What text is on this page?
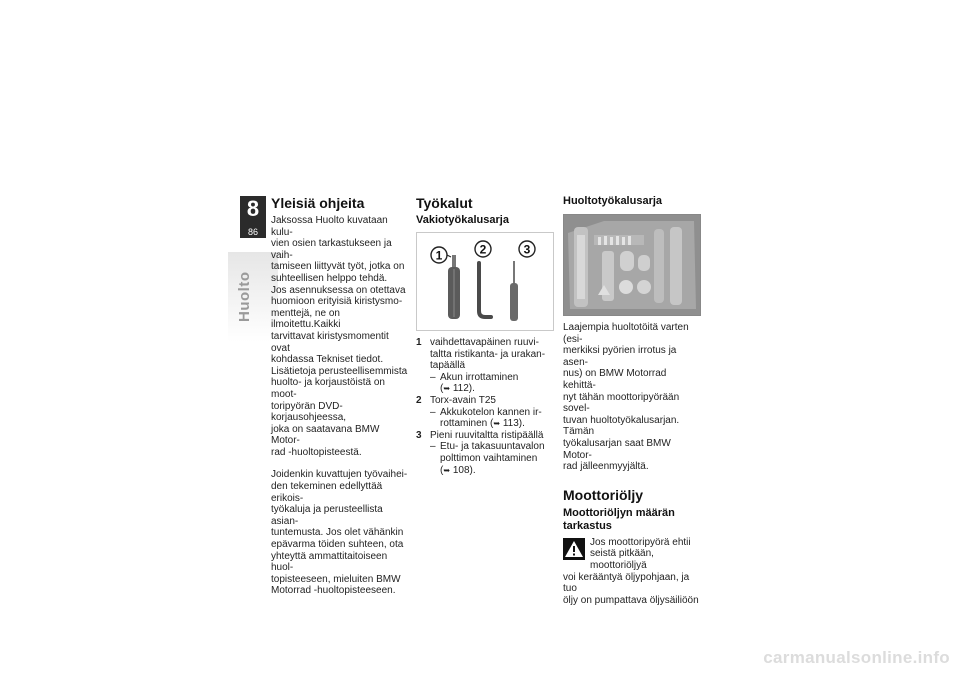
8
86
Huolto
Yleisiä ohjeita

Jaksossa Huolto kuvataan kulu-
vien osien tarkastukseen ja vaih-
tamiseen liittyvät työt, jotka on
suhteellisen helppo tehdä.
Jos asennuksessa on otettava
huomioon erityisiä kiristysmo-
menttejä, ne on ilmoitettu.Kaikki
tarvittavat kiristysmomentit ovat
kohdassa Tekniset tiedot.
Lisätietoja perusteellisemmista
huolto- ja korjaustöistä on moot-
toripyörän DVD-korjausohjeessa,
joka on saatavana BMW Motor-
rad -huoltopisteestä.

Joidenkin kuvattujen työvaihei-
den tekeminen edellyttää erikois-
työkaluja ja perusteellista asian-
tuntemusta. Jos olet vähänkin
epävarma töiden suhteen, ota
yhteyttä ammattitaitoiseen huol-
topisteeseen, mieluiten BMW
Motorrad -huoltopisteeseen.

Työkalut
Vakiotyökalusarja
1	2	3
1 vaihdettavapäinen ruuvi-
taltta ristikanta- ja urakan-
tapäällä

– Akun irrottaminen

(➥ 112).

2 Torx-avain T25

– Akkukotelon kannen ir-
rottaminen (➥ 113).

3 Pieni ruuvitaltta ristipäällä

– Etu- ja takasuuntavalon
polttimon vaihtaminen

(➥ 108).

Huoltotyökalusarja

Laajempia huoltotöitä varten (esi-
merkiksi pyörien irrotus ja asen-
nus) on BMW Motorrad kehittä-
nyt tähän moottoripyörään sovel-
tuvan huoltotyökalusarjan. Tämän
työkalusarjan saat BMW Motor-
rad jälleenmyyjältä.

Moottoriöljy
Moottoriöljyn määrän
tarkastus

Jos moottoripyörä ehtii
seistä pitkään, moottoriöljyä

voi kerääntyä öljypohjaan, ja tuo
öljy on pumpattava öljysäiliöön

carmanualsonline.info
